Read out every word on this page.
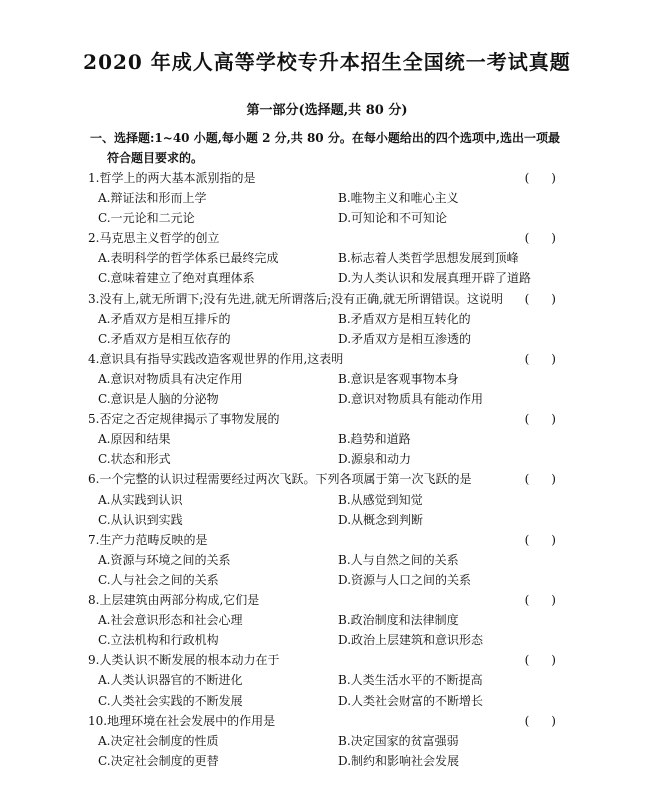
2020 年成人高等学校专升本招生全国统一考试真题
第一部分(选择题,共 80 分)
一、选择题:1~40 小题,每小题 2 分,共 80 分。在每小题给出的四个选项中,选出一项最
符合题目要求的。
1.哲学上的两大基本派别指的是	()
A.辩证法和形而上学	B.唯物主义和唯心主义
C.一元论和二元论	D.可知论和不可知论
2.马克思主义哲学的创立	()
A.表明科学的哲学体系已最终完成	B.标志着人类哲学思想发展到顶峰
C.意味着建立了绝对真理体系	D.为人类认识和发展真理开辟了道路
3.没有上,就无所谓下;没有先进,就无所谓落后;没有正确,就无所谓错误。这说明 ()
A.矛盾双方是相互排斥的	B.矛盾双方是相互转化的
C.矛盾双方是相互依存的	D.矛盾双方是相互渗透的
4.意识具有指导实践改造客观世界的作用,这表明	()
A.意识对物质具有决定作用	B.意识是客观事物本身
C.意识是人脑的分泌物	D.意识对物质具有能动作用
5.否定之否定规律揭示了事物发展的	()
A.原因和结果	B.趋势和道路
C.状态和形式	D.源泉和动力
6.一个完整的认识过程需要经过两次飞跃。下列各项属于第一次飞跃的是	()
A.从实践到认识	B.从感觉到知觉
C.从认识到实践	D.从概念到判断
7.生产力范畴反映的是	()
A.资源与环境之间的关系	B.人与自然之间的关系
C.人与社会之间的关系	D.资源与人口之间的关系
8.上层建筑由两部分构成,它们是	()
A.社会意识形态和社会心理	B.政治制度和法律制度
C.立法机构和行政机构	D.政治上层建筑和意识形态
9.人类认识不断发展的根本动力在于	()
A.人类认识器官的不断进化	B.人类生活水平的不断提高
C.人类社会实践的不断发展	D.人类社会财富的不断增长
10.地理环境在社会发展中的作用是	()
A.决定社会制度的性质	B.决定国家的贫富强弱
C.决定社会制度的更替	D.制约和影响社会发展
